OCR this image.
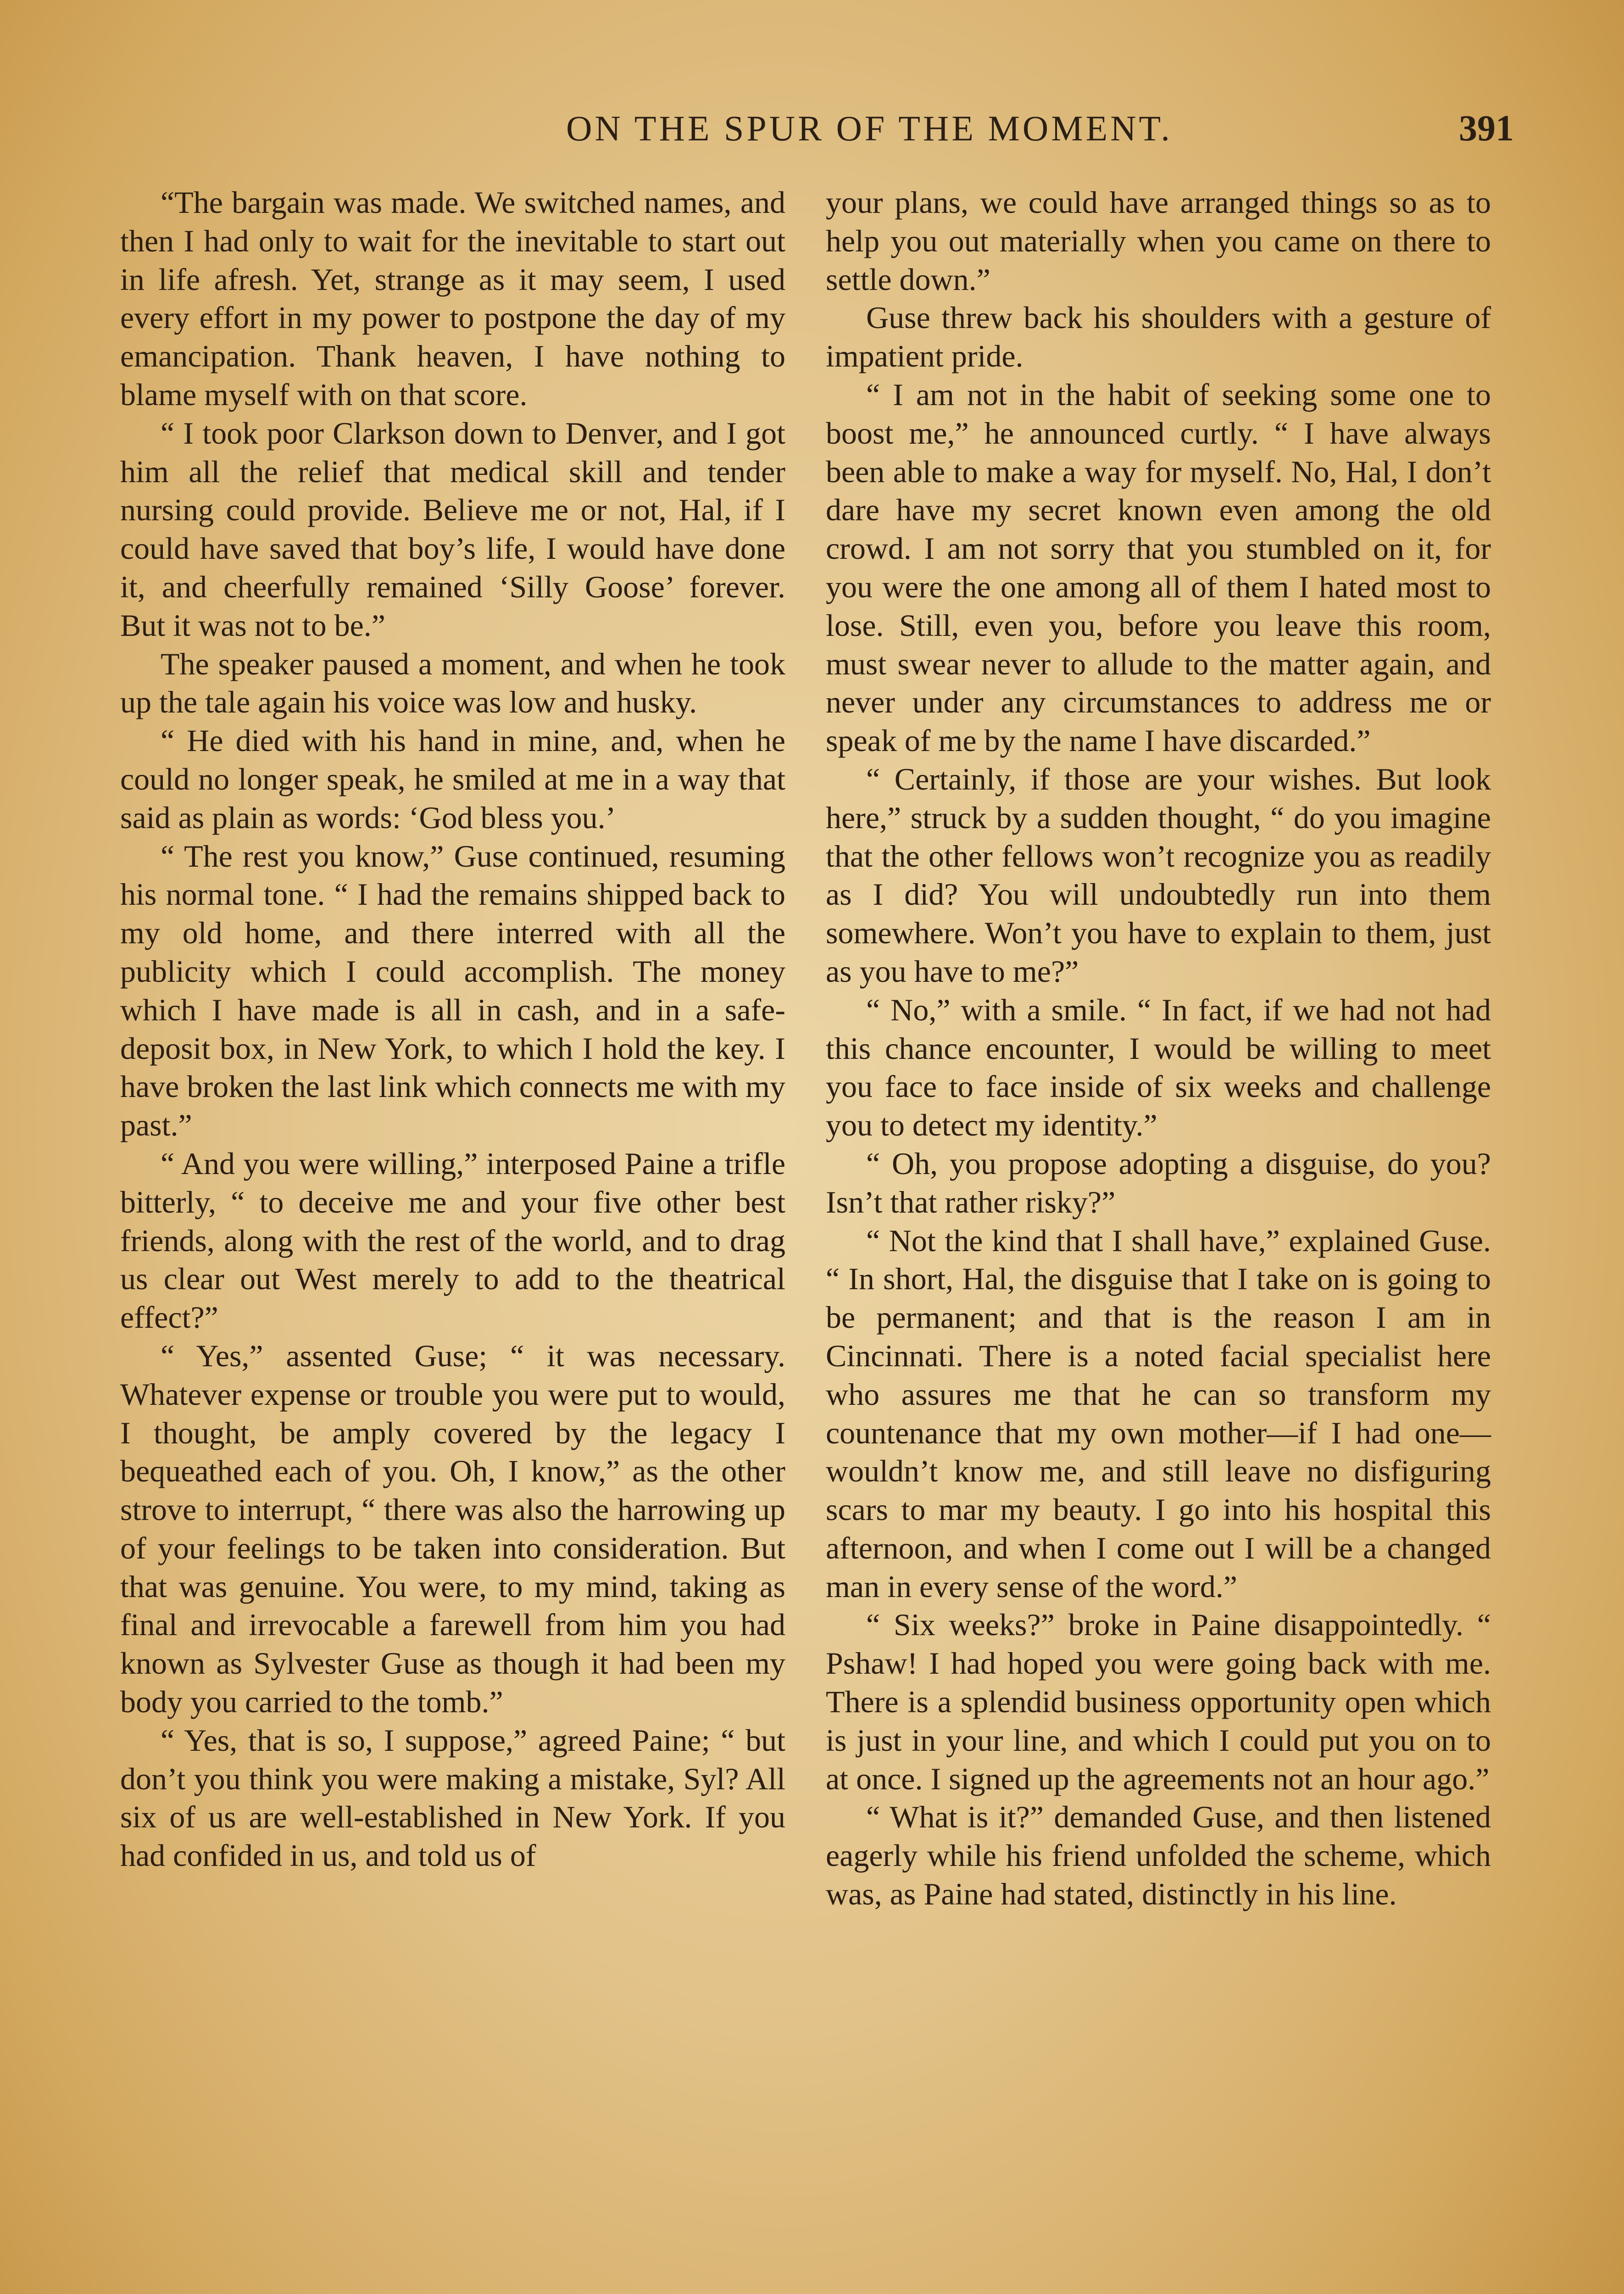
ON THE SPUR OF THE MOMENT.	391

“The bargain was made. We switched names, and then I had only to wait for the inevitable to start out in life afresh. Yet, strange as it may seem, I used every effort in my power to postpone the day of my emancipation. Thank heaven, I have nothing to blame myself with on that score.

“ I took poor Clarkson down to Denver, and I got him all the relief that medical skill and tender nursing could provide. Believe me or not, Hal, if I could have saved that boy’s life, I would have done it, and cheerfully remained ‘Silly Goose’ forever. But it was not to be.”

The speaker paused a moment, and when he took up the tale again his voice was low and husky.

“ He died with his hand in mine, and, when he could no longer speak, he smiled at me in a way that said as plain as words: ‘God bless you.’

“ The rest you know,” Guse continued, resuming his normal tone. “ I had the remains shipped back to my old home, and there interred with all the publicity which I could accomplish. The money which I have made is all in cash, and in a safe-deposit box, in New York, to which I hold the key. I have broken the last link which connects me with my past.”

“ And you were willing,” interposed Paine a trifle bitterly, “ to deceive me and your five other best friends, along with the rest of the world, and to drag us clear out West merely to add to the theatrical effect?”

“ Yes,” assented Guse; “ it was necessary. Whatever expense or trouble you were put to would, I thought, be amply covered by the legacy I bequeathed each of you. Oh, I know,” as the other strove to interrupt, “ there was also the harrowing up of your feelings to be taken into consideration. But that was genuine. You were, to my mind, taking as final and irrevocable a farewell from him you had known as Sylvester Guse as though it had been my body you carried to the tomb.”

“ Yes, that is so, I suppose,” agreed Paine; “ but don’t you think you were making a mistake, Syl? All six of us are well-established in New York. If you had confided in us, and told us of

your plans, we could have arranged things so as to help you out materially when you came on there to settle down.”

Guse threw back his shoulders with a gesture of impatient pride.

“ I am not in the habit of seeking some one to boost me,” he announced curtly. “ I have always been able to make a way for myself. No, Hal, I don’t dare have my secret known even among the old crowd. I am not sorry that you stumbled on it, for you were the one among all of them I hated most to lose. Still, even you, before you leave this room, must swear never to allude to the matter again, and never under any circumstances to address me or speak of me by the name I have discarded.”

“ Certainly, if those are your wishes. But look here,” struck by a sudden thought, “ do you imagine that the other fellows won’t recognize you as readily as I did? You will undoubtedly run into them somewhere. Won’t you have to explain to them, just as you have to me?”

“ No,” with a smile. “ In fact, if we had not had this chance encounter, I would be willing to meet you face to face inside of six weeks and challenge you to detect my identity.”

“ Oh, you propose adopting a disguise, do you? Isn’t that rather risky?”

“ Not the kind that I shall have,” explained Guse. “ In short, Hal, the disguise that I take on is going to be permanent; and that is the reason I am in Cincinnati. There is a noted facial specialist here who assures me that he can so transform my countenance that my own mother—if I had one—wouldn’t know me, and still leave no disfiguring scars to mar my beauty. I go into his hospital this afternoon, and when I come out I will be a changed man in every sense of the word.”

“ Six weeks?” broke in Paine disappointedly. “ Pshaw! I had hoped you were going back with me. There is a splendid business opportunity open which is just in your line, and which I could put you on to at once. I signed up the agreements not an hour ago.”

“ What is it?” demanded Guse, and then listened eagerly while his friend unfolded the scheme, which was, as Paine had stated, distinctly in his line.
